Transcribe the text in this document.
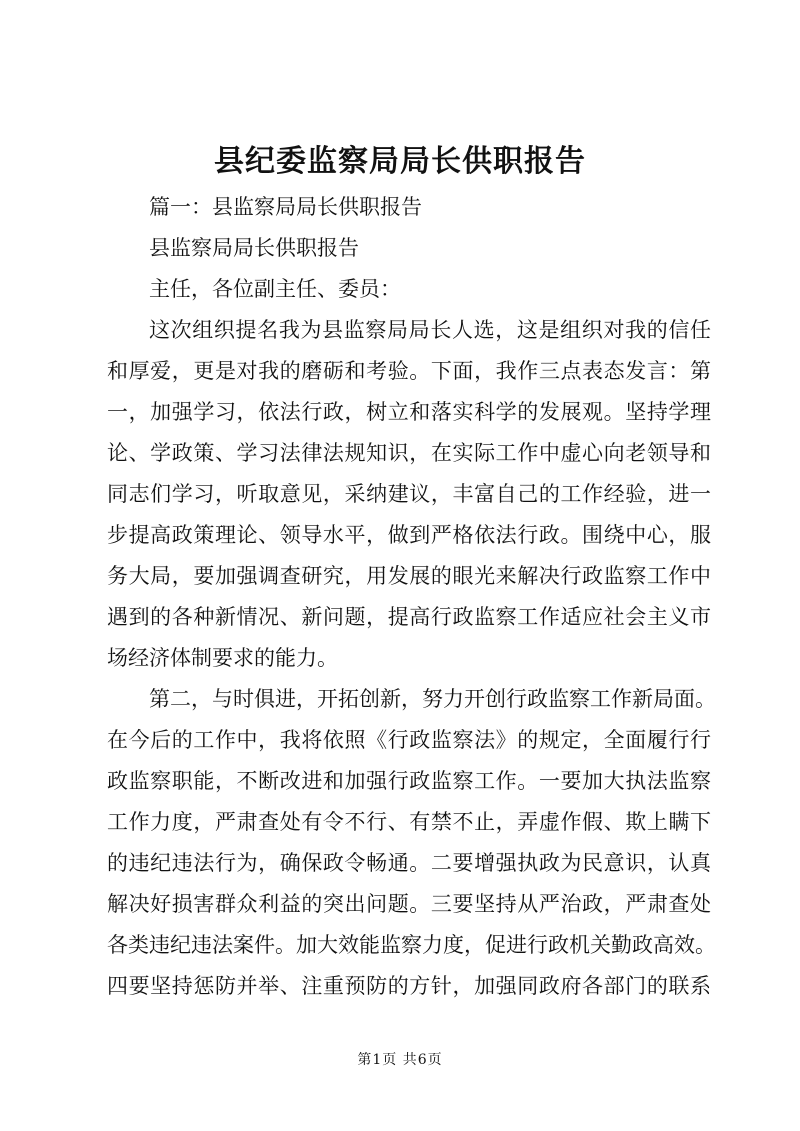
县纪委监察局局长供职报告
篇一：县监察局局长供职报告
县监察局局长供职报告
主任，各位副主任、委员：
这次组织提名我为县监察局局长人选，这是组织对我的信任
和厚爱，更是对我的磨砺和考验。下面，我作三点表态发言：第
一，加强学习，依法行政，树立和落实科学的发展观。坚持学理
论、学政策、学习法律法规知识，在实际工作中虚心向老领导和
同志们学习，听取意见，采纳建议，丰富自己的工作经验，进一
步提高政策理论、领导水平，做到严格依法行政。围绕中心，服
务大局，要加强调查研究，用发展的眼光来解决行政监察工作中
遇到的各种新情况、新问题，提高行政监察工作适应社会主义市
场经济体制要求的能力。
第二，与时俱进，开拓创新，努力开创行政监察工作新局面。
在今后的工作中，我将依照《行政监察法》的规定，全面履行行
政监察职能，不断改进和加强行政监察工作。一要加大执法监察
工作力度，严肃查处有令不行、有禁不止，弄虚作假、欺上瞒下
的违纪违法行为，确保政令畅通。二要增强执政为民意识，认真
解决好损害群众利益的突出问题。三要坚持从严治政，严肃查处
各类违纪违法案件。加大效能监察力度，促进行政机关勤政高效。
四要坚持惩防并举、注重预防的方针，加强同政府各部门的联系
第1页 共6页
